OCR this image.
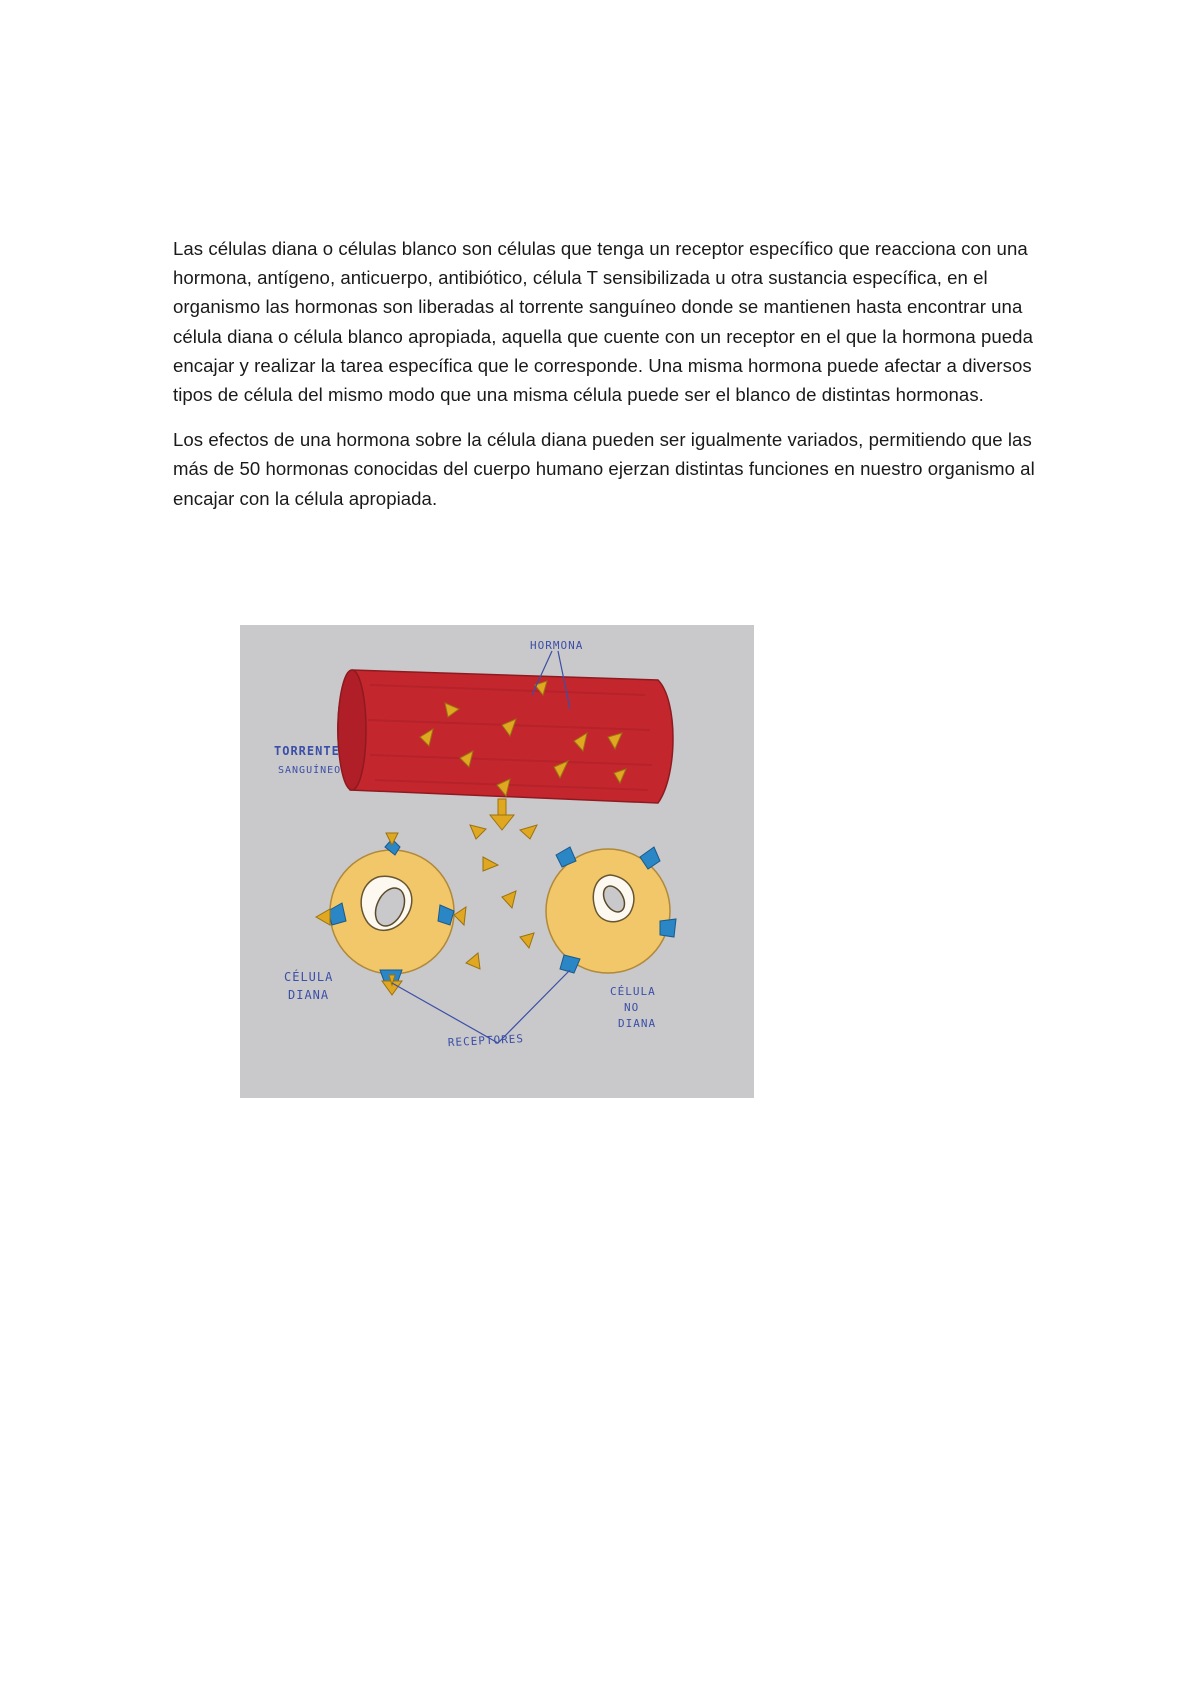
Las células diana o células blanco son células que tenga un receptor específico que reacciona con una hormona, antígeno, anticuerpo, antibiótico, célula T sensibilizada u otra sustancia específica, en el organismo las hormonas son liberadas al torrente sanguíneo donde se mantienen hasta encontrar una célula diana o célula blanco apropiada, aquella que cuente con un receptor en el que la hormona pueda encajar y realizar la tarea específica que le corresponde. Una misma hormona puede afectar a diversos tipos de célula del mismo modo que una misma célula puede ser el blanco de distintas hormonas.

Los efectos de una hormona sobre la célula diana pueden ser igualmente variados, permitiendo que las más de 50 hormonas conocidas del cuerpo humano ejerzan distintas funciones en nuestro organismo al encajar con la célula apropiada.

HORMONA
TORRENTE
SANGUÍNEO
CÉLULA
DIANA	CÉLULA
NO
DIANA
RECEPTORES
